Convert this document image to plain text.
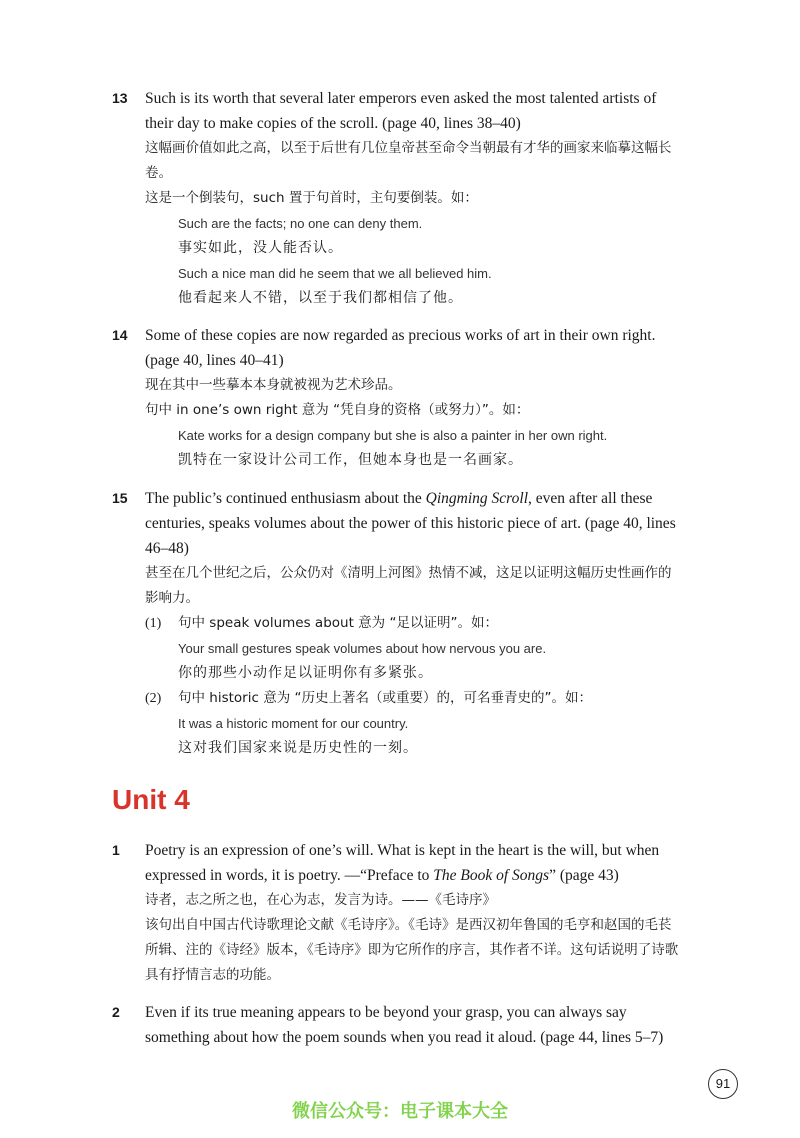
13 Such is its worth that several later emperors even asked the most talented artists of their day to make copies of the scroll. (page 40, lines 38–40)
这幅画价值如此之高，以至于后世有几位皇帝甚至命令当朝最有才华的画家来临摹这幅长卷。
这是一个倒装句，such 置于句首时，主句要倒装。如：
Such are the facts; no one can deny them.
事实如此，没人能否认。
Such a nice man did he seem that we all believed him.
他看起来人不错，以至于我们都相信了他。
14 Some of these copies are now regarded as precious works of art in their own right. (page 40, lines 40–41)
现在其中一些摹本本身就被视为艺术珍品。
句中 in one’s own right 意为 “凭自身的资格（或努力）”。如：
Kate works for a design company but she is also a painter in her own right.
凯特在一家设计公司工作，但她本身也是一名画家。
15 The public’s continued enthusiasm about the Qingming Scroll, even after all these centuries, speaks volumes about the power of this historic piece of art. (page 40, lines 46–48)
甚至在几个世纪之后，公众仍对《清明上河图》热情不减，这足以证明这幅历史性画作的影响力。
(1) 句中 speak volumes about 意为 “足以证明”。如：
Your small gestures speak volumes about how nervous you are.
你的那些小动作足以证明你有多紧张。
(2) 句中 historic 意为 “历史上著名（或重要）的，可名垂青史的”。如：
It was a historic moment for our country.
这对我们国家来说是历史性的一刻。
Unit 4
1 Poetry is an expression of one’s will. What is kept in the heart is the will, but when expressed in words, it is poetry. —“Preface to The Book of Songs” (page 43)
诗者，志之所之也，在心为志，发言为诗。——《毛诗序》
该句出自中国古代诗歌理论文献《毛诗序》。《毛诗》是西汉初年鲁国的毛亨和赵国的毛苌所辑、注的《诗经》版本，《毛诗序》即为它所作的序言，其作者不详。这句话说明了诗歌具有抒情言志的功能。
2 Even if its true meaning appears to be beyond your grasp, you can always say something about how the poem sounds when you read it aloud. (page 44, lines 5–7)
91
微信公众号：电子课本大全
